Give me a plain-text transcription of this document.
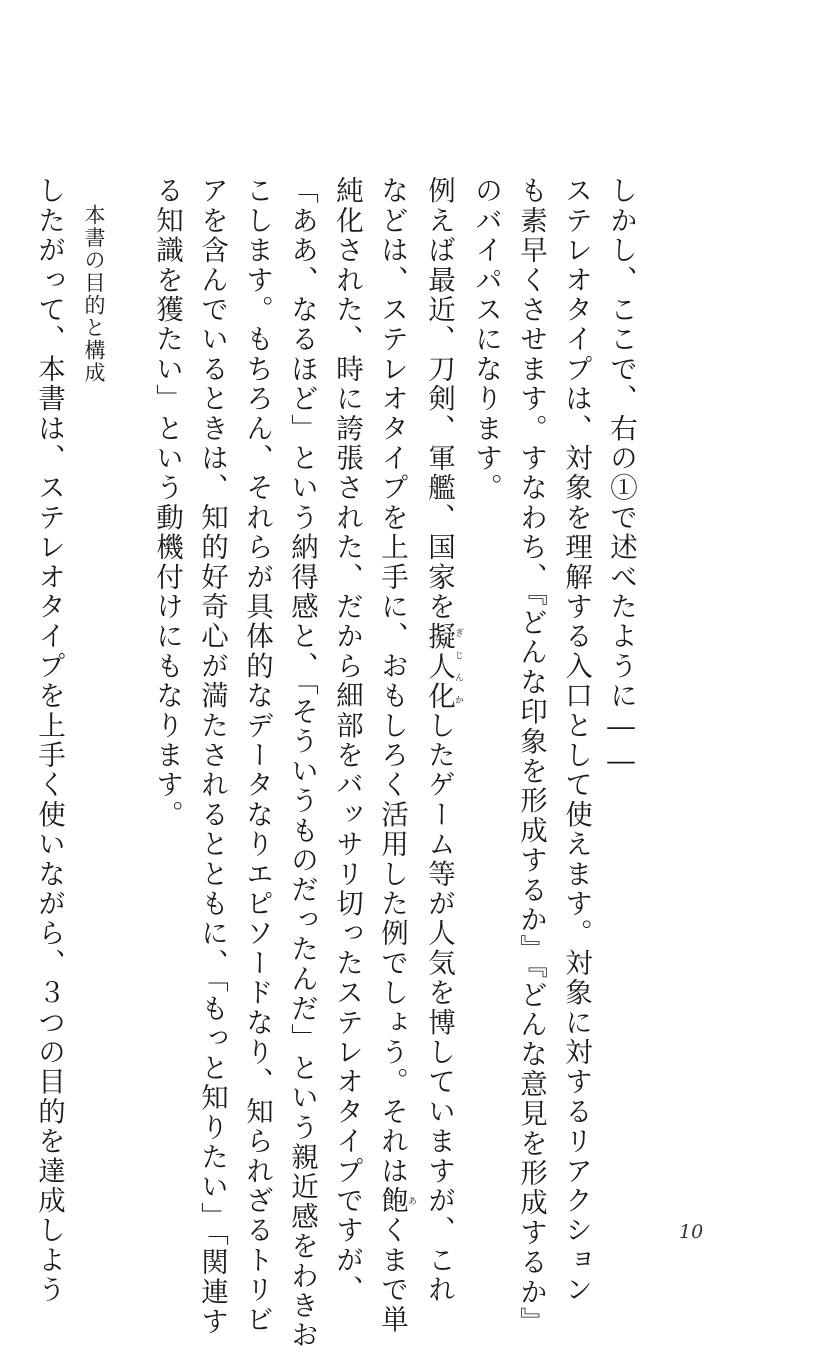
しかし、ここで、右の①で述べたように――
ステレオタイプは、対象を理解する入口として使えます。対象に対するリアクション
も素早くさせます。すなわち、『どんな印象を形成するか』『どんな意見を形成するか』
のバイパスになります。
例えば最近、刀剣、軍艦、国家を擬人化ぎじんかしたゲーム等が人気を博していますが、これ
などは、ステレオタイプを上手に、おもしろく活用した例でしょう。それは飽あくまで単
純化された、時に誇張された、だから細部をバッサリ切ったステレオタイプですが、
「ああ、なるほど」という納得感と、「そういうものだったんだ」という親近感をわきお
こします。もちろん、それらが具体的なデータなりエピソードなり、知られざるトリビ
アを含んでいるときは、知的好奇心が満たされるとともに、「もっと知りたい」「関連す
る知識を獲たい」という動機付けにもなります。
本書の目的と構成
したがって、本書は、ステレオタイプを上手く使いながら、３つの目的を達成しよう	10
